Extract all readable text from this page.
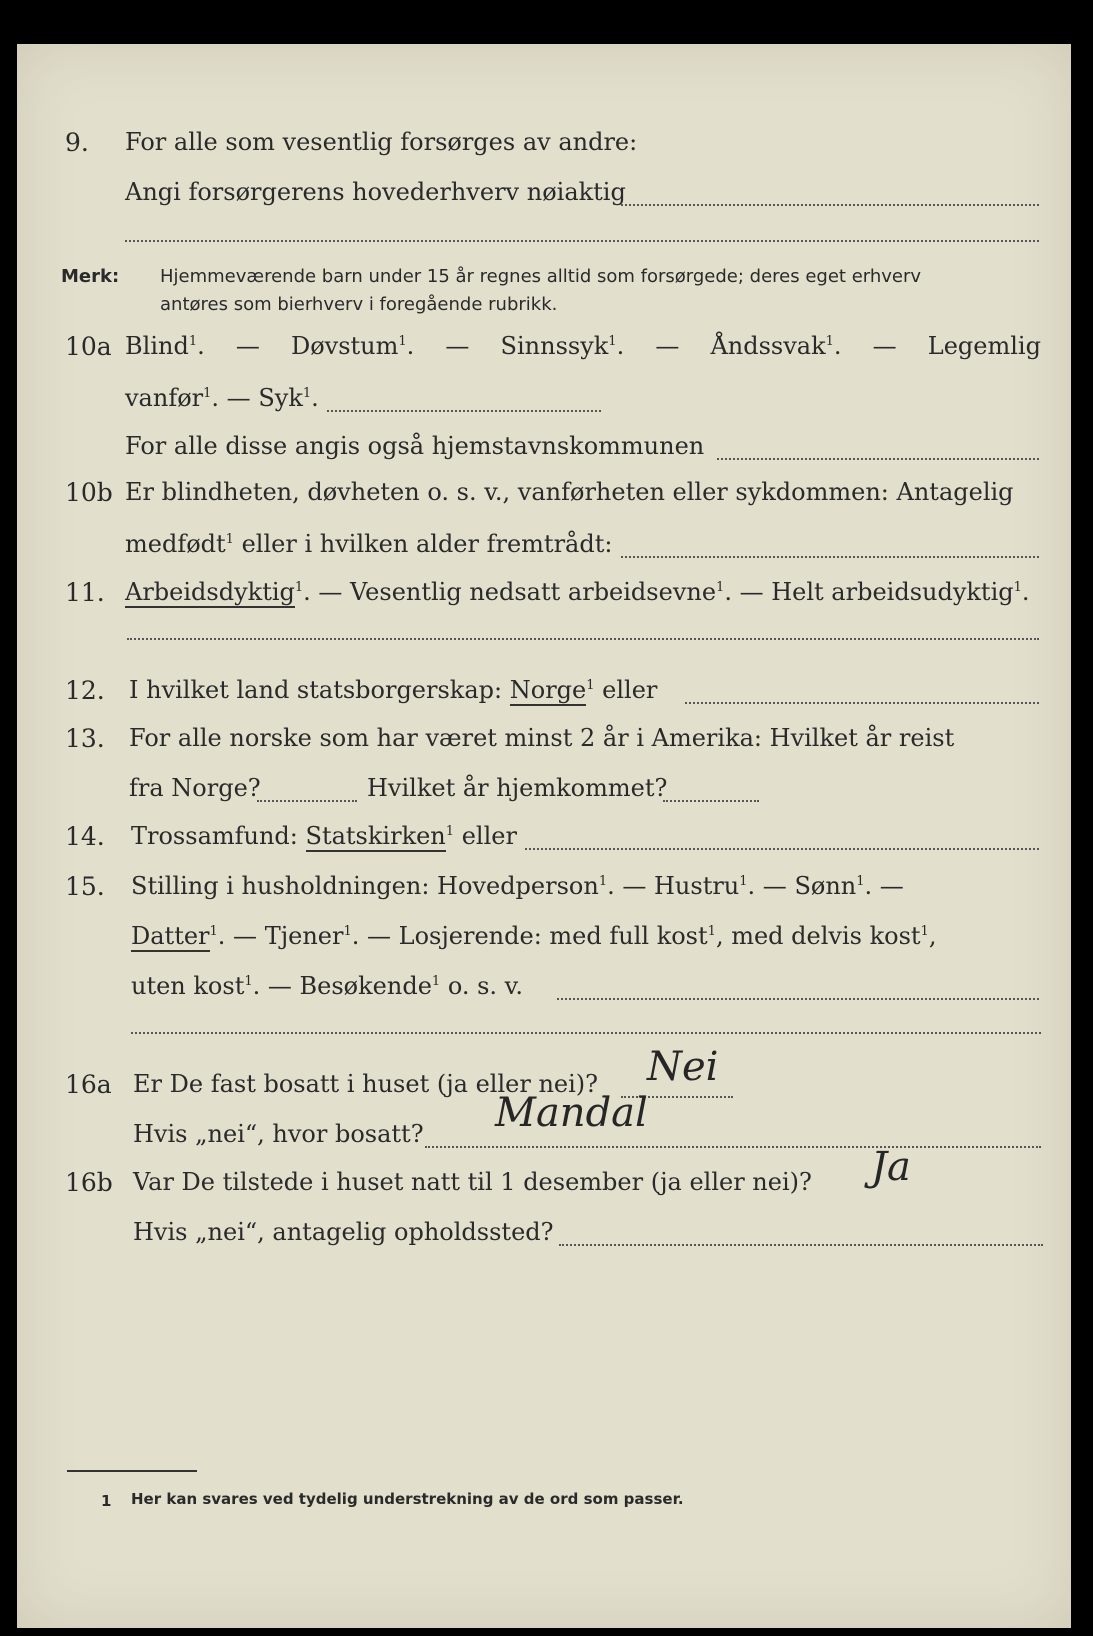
9. For alle som vesentlig forsørges av andre:
Angi forsørgerens hovederhverv nøiaktig
Merk: Hjemmeværende barn under 15 år regnes alltid som forsørgede; deres eget erhverv
antøres som bierhverv i foregående rubrikk.
10a Blind$^1$. — Døvstum$^1$. — Sinnssyk$^1$. — Åndssvak$^1$. — Legemlig
vanfør$^1$. — Syk$^1$.
For alle disse angis også hjemstavnskommunen
10b Er blindheten, døvheten o. s. v., vanførheten eller sykdommen: Antagelig
medfødt$^1$ eller i hvilken alder fremtrådt:
11. Arbeidsdyktig$^1$. — Vesentlig nedsatt arbeidsevne$^1$. — Helt arbeidsudyktig$^1$.
12. I hvilket land statsborgerskap: Norge$^1$ eller
13. For alle norske som har været minst 2 år i Amerika: Hvilket år reist
fra Norge?	Hvilket år hjemkommet?
14. Trossamfund: Statskirken$^1$ eller
15. Stilling i husholdningen: Hovedperson$^1$. — Hustru$^1$. — Sønn$^1$. —
Datter$^1$. — Tjener$^1$. — Losjerende: med full kost$^1$, med delvis kost$^1$,
uten kost$^1$. — Besøkende$^1$ o. s. v.
16a Er De fast bosatt i huset (ja eller nei)? Nei
Hvis „nei“, hvor bosatt? Mandal
16b Var De tilstede i huset natt til 1 desember (ja eller nei)? Ja
Hvis „nei“, antagelig opholdssted?
1 Her kan svares ved tydelig understrekning av de ord som passer.
